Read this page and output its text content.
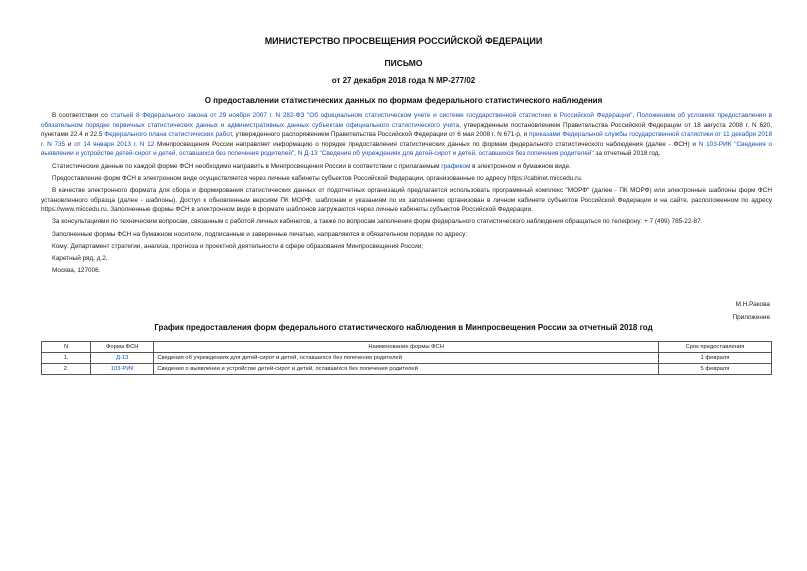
МИНИСТЕРСТВО ПРОСВЕЩЕНИЯ РОССИЙСКОЙ ФЕДЕРАЦИИ
ПИСЬМО
от 27 декабря 2018 года N МР-277/02
О предоставлении статистических данных по формам федерального статистического наблюдения

В соответствии со статьей 8 Федерального закона от 29 ноября 2007 г. N 282-ФЗ "Об официальном статистическом учете и системе государственной статистики в Российской Федерации", Положением об условиях предоставления в обязательном порядке первичных статистических данных и административных данных субъектам официального статистического учета, утвержденным постановлением Правительства Российской Федерации от 18 августа 2008 г. N 620, пунктами 22.4 и 22.5 Федерального плана статистических работ, утвержденного распоряжением Правительства Российской Федерации от 6 мая 2008 г. N 671-р, и приказами Федеральной службы государственной статистики от 11 декабря 2018 г. N 735 и от 14 января 2013 г. N 12 Минпросвещения России направляет информацию о порядке предоставления статистических данных по формам федерального статистического наблюдения (далее - ФСН) и N 103-РИК "Сведения о выявлении и устройстве детей-сирот и детей, оставшихся без попечения родителей", N Д-13 "Сведения об учреждениях для детей-сирот и детей, оставшихся без попечения родителей" за отчетный 2018 год.

Статистические данные по каждой форме ФСН необходимо направить в Минпросвещения России в соответствии с прилагаемым графиком в электронном и бумажном виде.

Предоставление форм ФСН в электронном виде осуществляется через личные кабинеты субъектов Российской Федерации, организованные по адресу https://cabinet.miccedu.ru.

В качестве электронного формата для сбора и формирования статистических данных от подотчетных организаций предлагается использовать программный комплекс "МОРФ" (далее - ПК МОРФ) или электронные шаблоны форм ФСН установленного образца (далее - шаблоны). Доступ к обновленным версиям ПК МОРФ, шаблонам и указаниям по их заполнению организован в личном кабинете субъектов Российской Федерации и на сайте, расположенном по адресу https://www.miccedu.ru. Заполненные формы ФСН в электронном виде в формате шаблонов загружаются через личные кабинеты субъектов Российской Федерации.

За консультациями по техническим вопросам, связанным с работой личных кабинетов, а также по вопросам заполнения форм федерального статистического наблюдения обращаться по телефону: + 7 (499) 785-22-87.

Заполненные формы ФСН на бумажном носителе, подписанные и заверенные печатью, направляются в обязательном порядке по адресу:

Кому: Департамент стратегии, анализа, прогноза и проектной деятельности в сфере образования Минпросвещения России;

Каретный ряд, д.2,

Москва, 127006.

М.Н.Ракова
Приложение
График предоставления форм федерального статистического наблюдения в Минпросвещения России за отчетный 2018 год
N	Форма ФСН	Наименование формы ФСН	Срок предоставления
1.	Д-13	Сведения об учреждениях для детей-сирот и детей, оставшихся без попечения родителей	1 февраля
2.	103-РИК	Сведения о выявлении и устройстве детей-сирот и детей, оставшихся без попечения родителей	5 февраля
